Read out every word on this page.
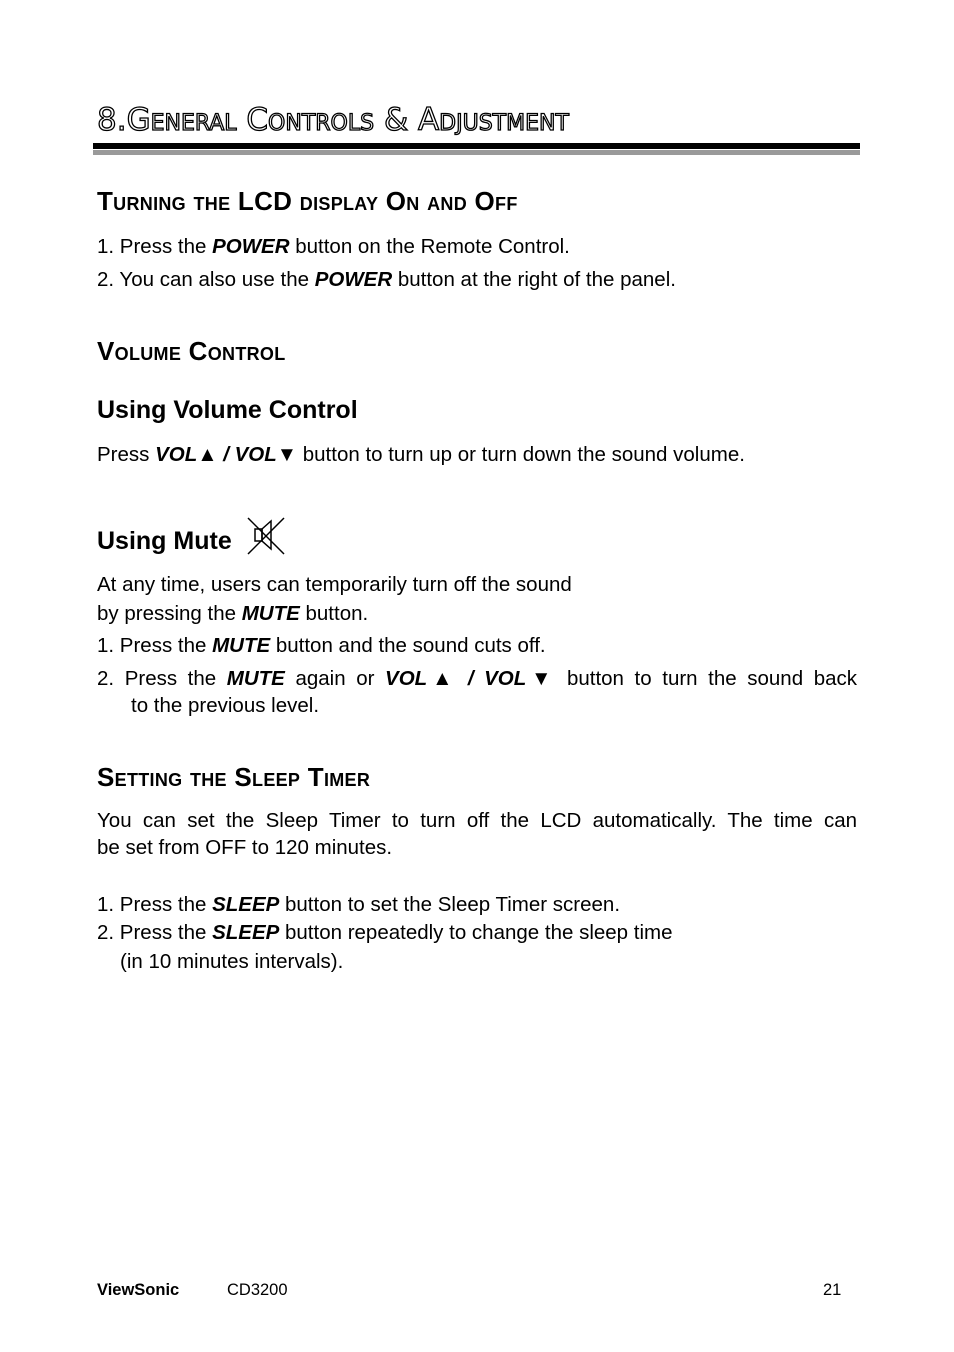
8.General Controls & Adjustment
Turning the LCD display On and Off

1. Press the POWER button on the Remote Control.

2. You can also use the POWER button at the right of the panel.

Volume Control
Using Volume Control

Press VOL▲ / VOL▼ button to turn up or turn down the sound volume.

Using Mute

At any time, users can temporarily turn off the sound

by pressing the MUTE button.

1. Press the MUTE button and the sound cuts off.

2. Press the MUTE again or VOL▲ / VOL▼ button to turn the sound back

to the previous level.

Setting the Sleep Timer

You can set the Sleep Timer to turn off the LCD automatically. The time can

be set from OFF to 120 minutes.

1. Press the SLEEP button to set the Sleep Timer screen.

2. Press the SLEEP button repeatedly to change the sleep time

(in 10 minutes intervals).

ViewSonic	CD3200	21
